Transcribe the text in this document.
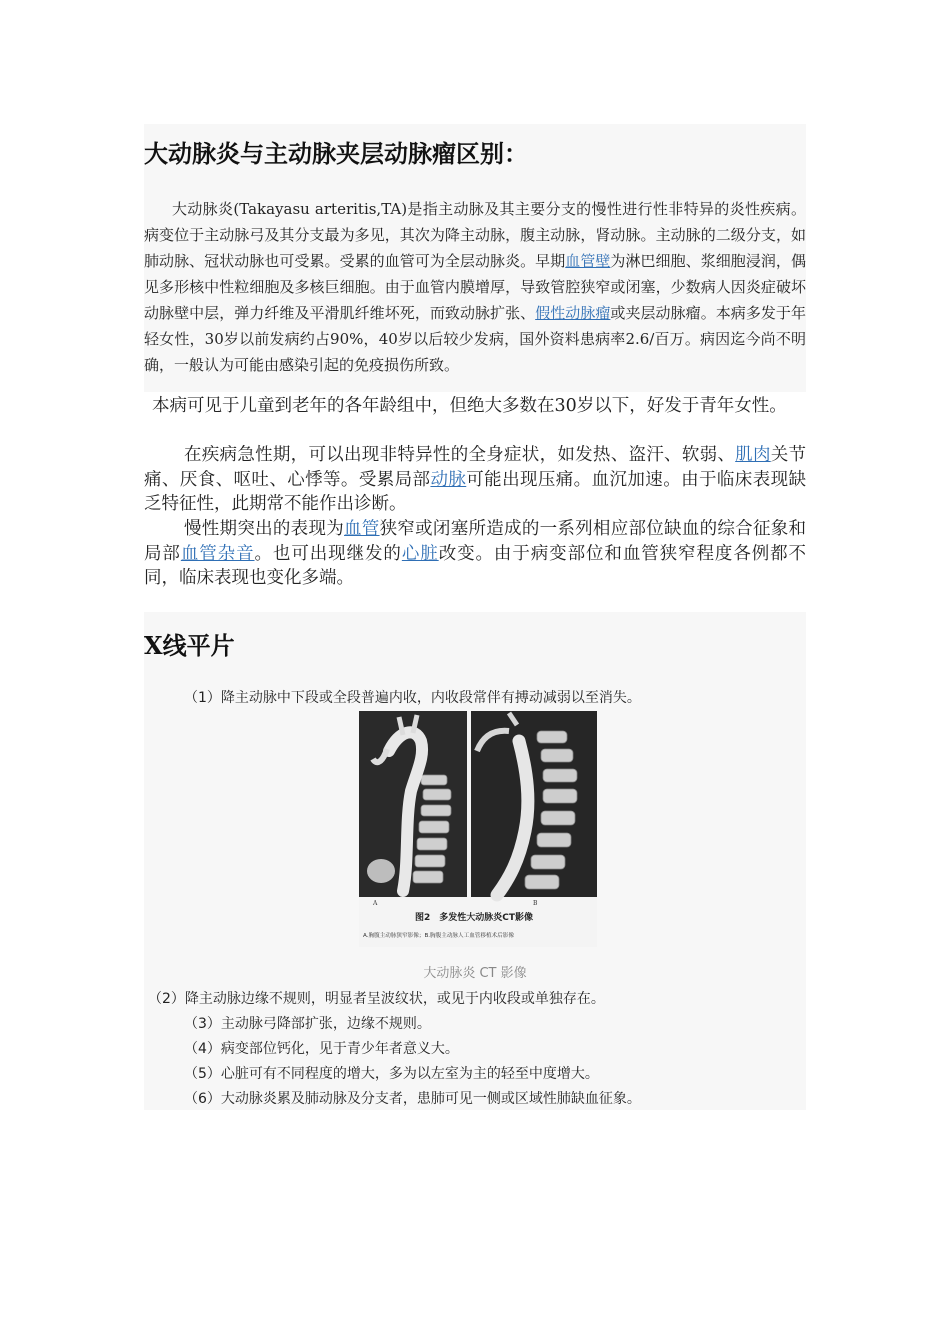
大动脉炎与主动脉夹层动脉瘤区别：

大动脉炎(Takayasu arteritis,TA)是指主动脉及其主要分支的慢性进行性非特异的炎性疾病。病变位于主动脉弓及其分支最为多见，其次为降主动脉，腹主动脉，肾动脉。主动脉的二级分支，如肺动脉、冠状动脉也可受累。受累的血管可为全层动脉炎。早期血管壁为淋巴细胞、浆细胞浸润，偶见多形核中性粒细胞及多核巨细胞。由于血管内膜增厚，导致管腔狭窄或闭塞，少数病人因炎症破坏动脉壁中层，弹力纤维及平滑肌纤维坏死，而致动脉扩张、假性动脉瘤或夹层动脉瘤。本病多发于年轻女性，30岁以前发病约占90%，40岁以后较少发病，国外资料患病率2.6/百万。病因迄今尚不明确，一般认为可能由感染引起的免疫损伤所致。

本病可见于儿童到老年的各年龄组中，但绝大多数在30岁以下，好发于青年女性。

在疾病急性期，可以出现非特异性的全身症状，如发热、盗汗、软弱、肌肉关节痛、厌食、呕吐、心悸等。受累局部动脉可能出现压痛。血沉加速。由于临床表现缺乏特征性，此期常不能作出诊断。

慢性期突出的表现为血管狭窄或闭塞所造成的一系列相应部位缺血的综合征象和局部血管杂音。也可出现继发的心脏改变。由于病变部位和血管狭窄程度各例都不同，临床表现也变化多端。

X线平片
（1）降主动脉中下段或全段普遍内收，内收段常伴有搏动减弱以至消失。
A	B
图2　多发性大动脉炎CT影像
A.胸腹主动脉狭窄影像；B.胸腹主动脉人工血管移植术后影像
大动脉炎 CT 影像
（2）降主动脉边缘不规则，明显者呈波纹状，或见于内收段或单独存在。
（3）主动脉弓降部扩张，边缘不规则。
（4）病变部位钙化，见于青少年者意义大。
（5）心脏可有不同程度的增大，多为以左室为主的轻至中度增大。
（6）大动脉炎累及肺动脉及分支者，患肺可见一侧或区域性肺缺血征象。
